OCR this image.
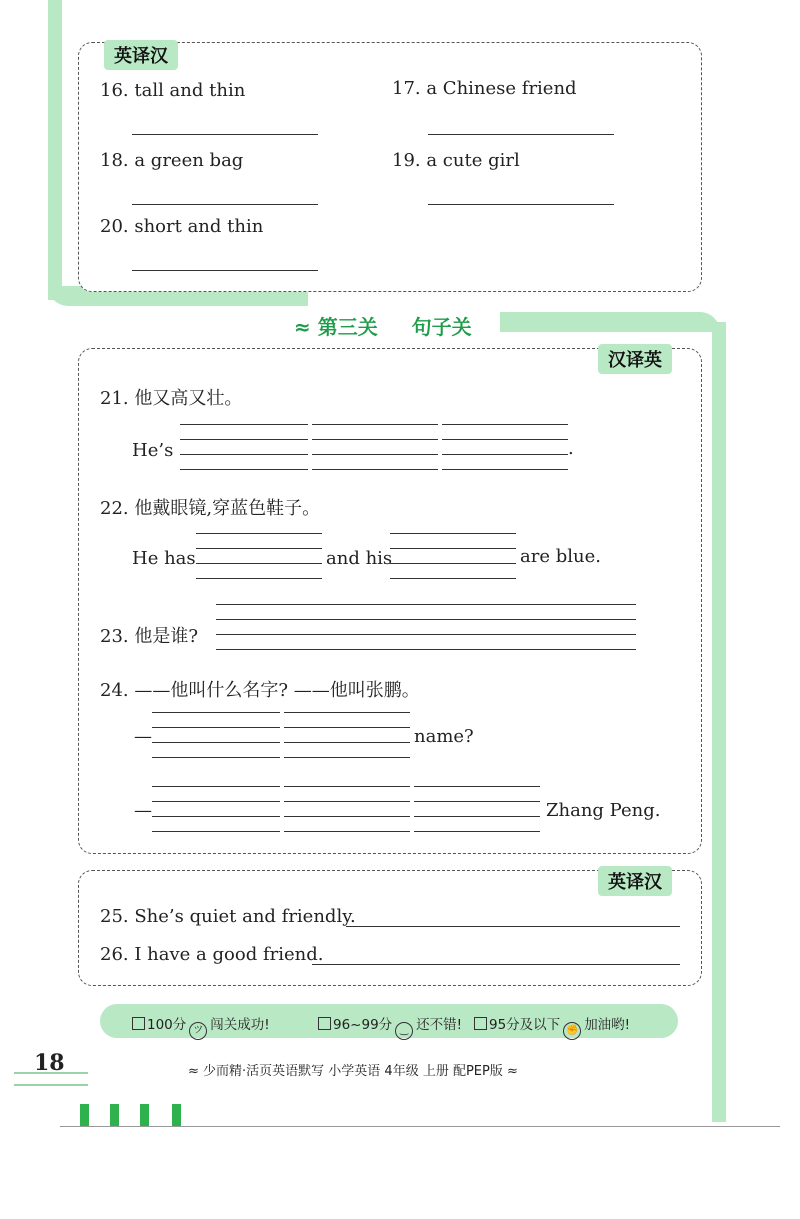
英译汉
16. tall and thin	17. a Chinese friend
18. a green bag	19. a cute girl
20. short and thin
≈ 第三关 句子关
汉译英
21. 他又高又壮。
He’s	.
22. 他戴眼镜,穿蓝色鞋子。
He has	and his	are blue.
23. 他是谁?
24. ——他叫什么名字? ——他叫张鹏。
—	name?
—	Zhang Peng.
英译汉
25. She’s quiet and friendly.
26. I have a good friend.
100分 ツ 闯关成功!	96~99分 ‿ 还不错!	95分及以下 ✊ 加油哟!
18	≈ 少而精·活页英语默写 小学英语 4年级 上册 配PEP版 ≈
